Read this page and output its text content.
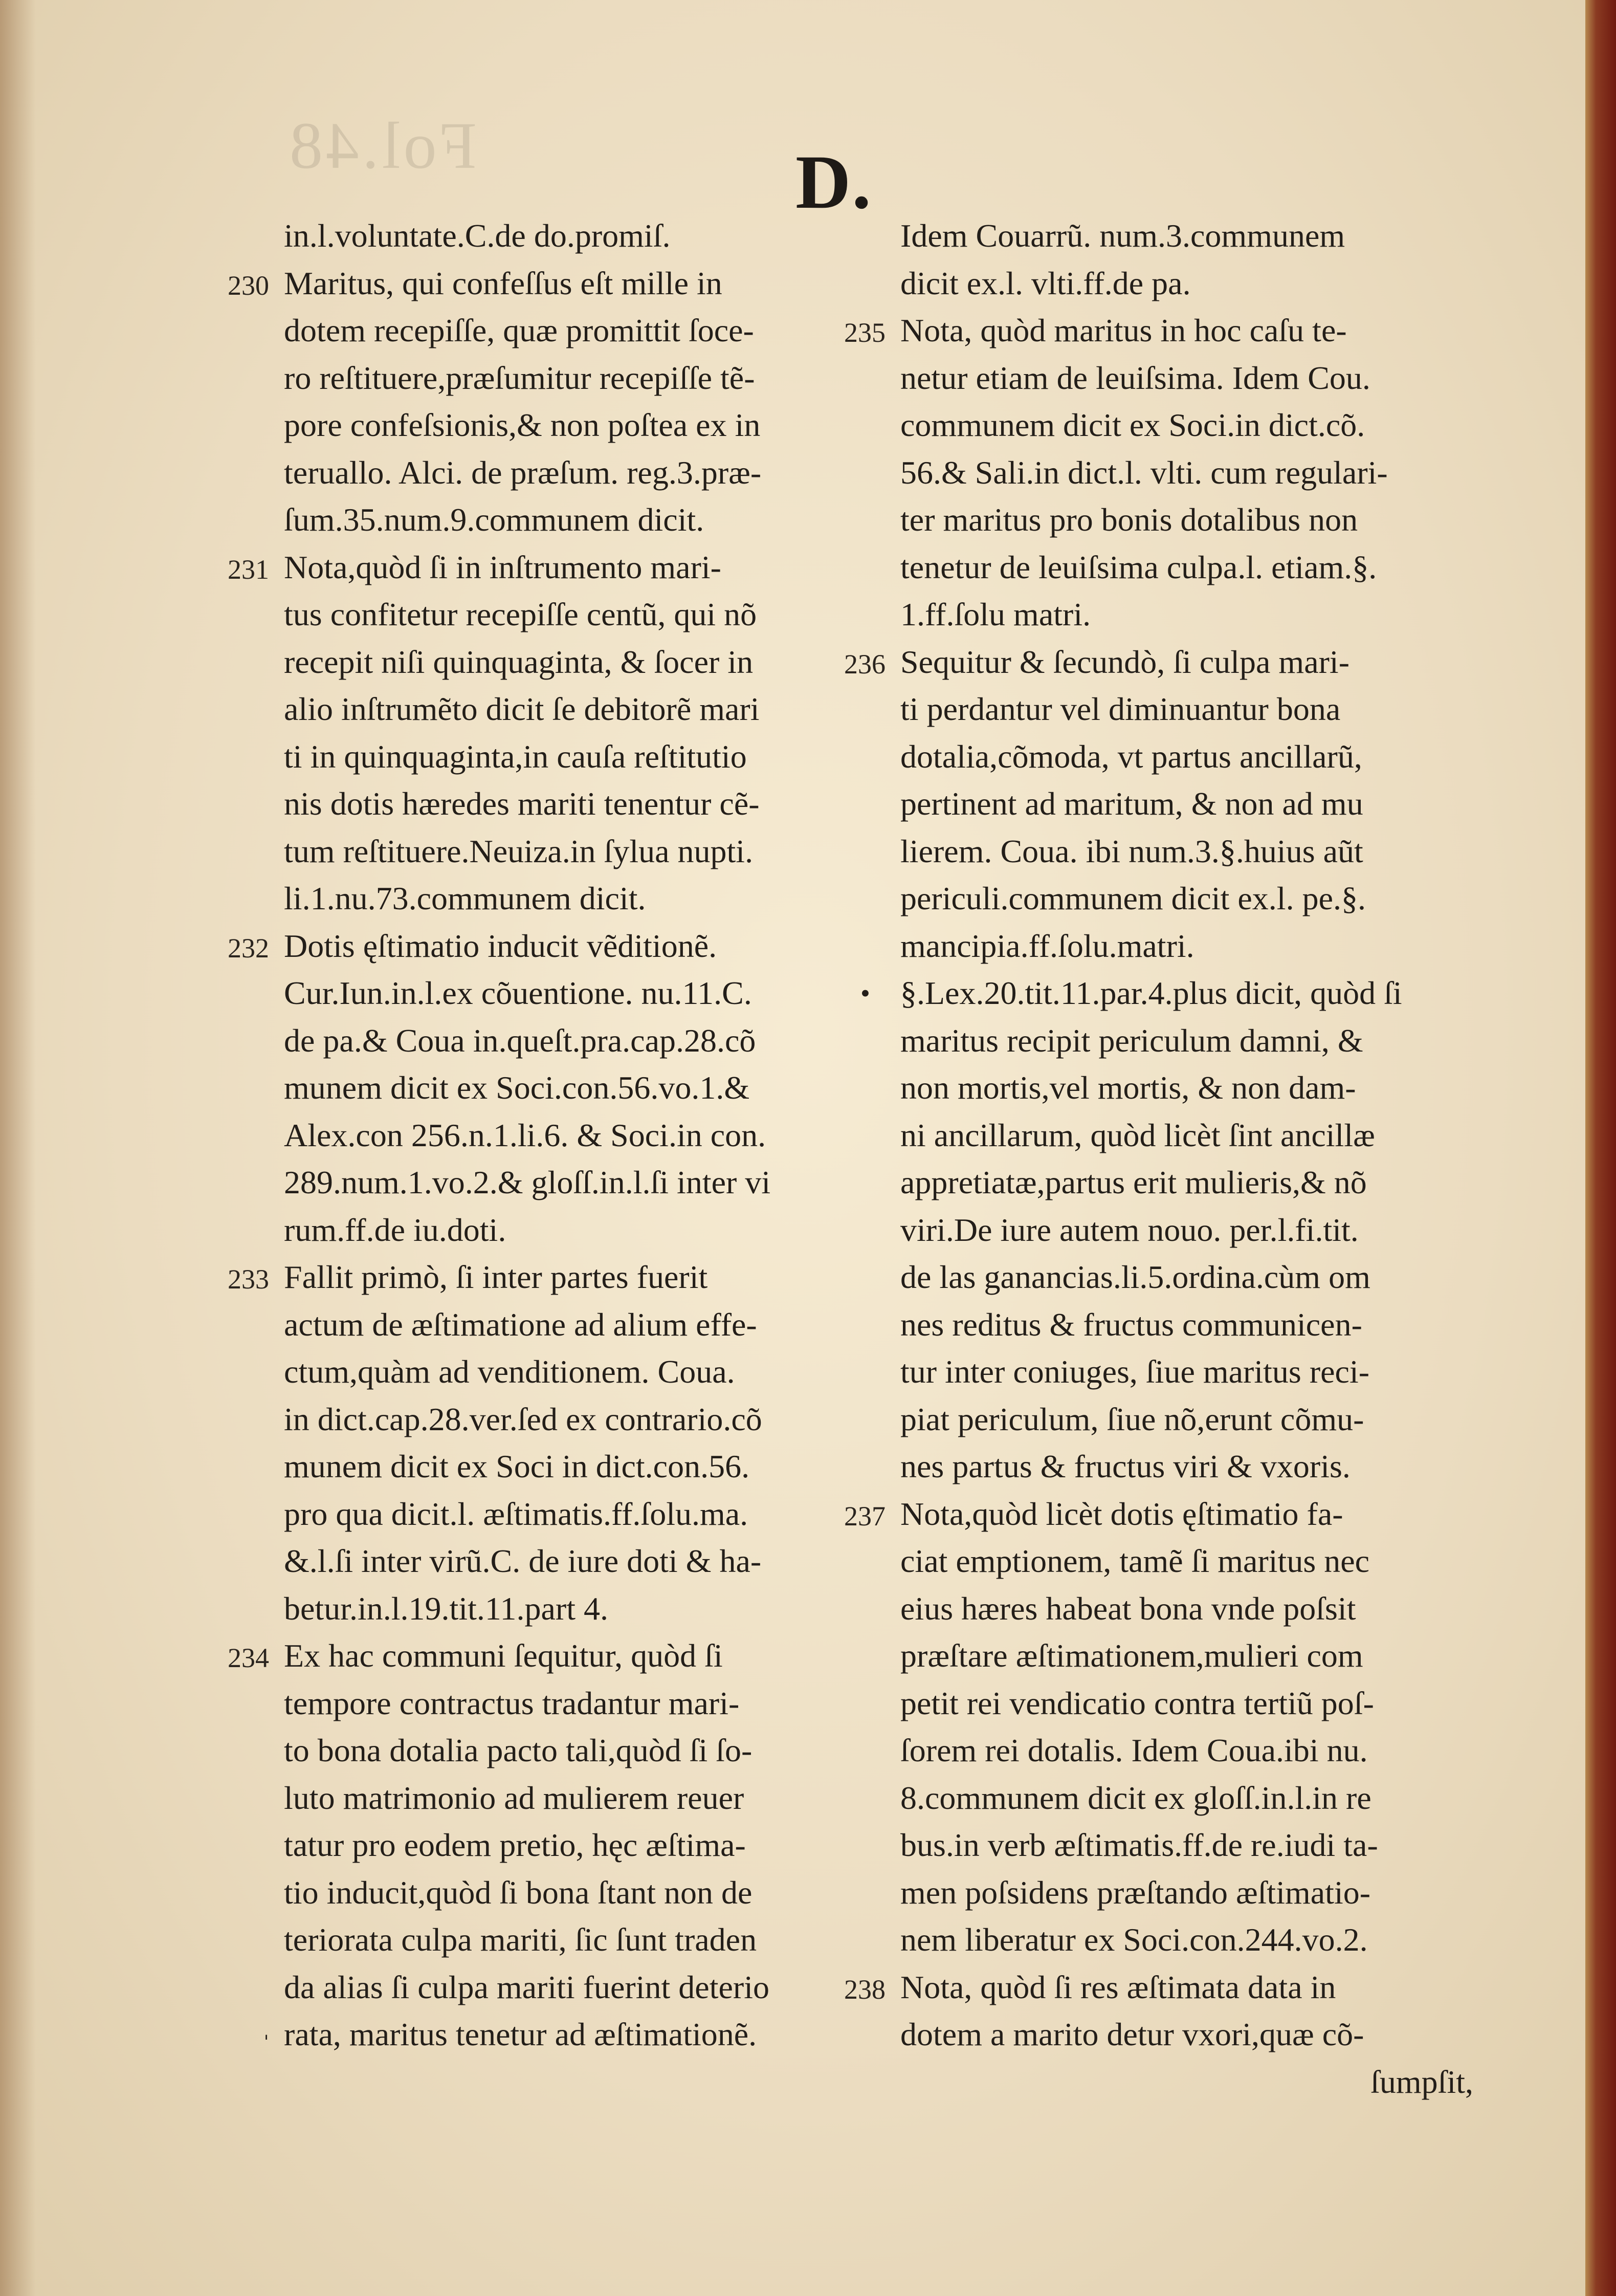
Fol.48	D.
in.l.voluntate.C.de do.promiſ.
230 Maritus, qui confeſſus eſt mille in
dotem recepiſſe, quæ promittit ſoce-
ro reſtituere,præſumitur recepiſſe tẽ-
pore confeſsionis,& non poſtea ex in
teruallo. Alci. de præſum. reg.3.præ-
ſum.35.num.9.communem dicit.
231 Nota,quòd ſi in inſtrumento mari-
tus confitetur recepiſſe centũ, qui nõ
recepit niſi quinquaginta, & ſocer in
alio inſtrumẽto dicit ſe debitorẽ mari
ti in quinquaginta,in cauſa reſtitutio
nis dotis hæredes mariti tenentur cẽ-
tum reſtituere.Neuiza.in ſylua nupti.
li.1.nu.73.communem dicit.
232 Dotis ęſtimatio inducit vẽditionẽ.
Cur.Iun.in.l.ex cõuentione. nu.11.C.
de pa.& Coua in.queſt.pra.cap.28.cõ
munem dicit ex Soci.con.56.vo.1.&
Alex.con 256.n.1.li.6. & Soci.in con.
289.num.1.vo.2.& gloſſ.in.l.ſi inter vi
rum.ff.de iu.doti.
233 Fallit primò, ſi inter partes fuerit
actum de æſtimatione ad alium effe-
ctum,quàm ad venditionem. Coua.
in dict.cap.28.ver.ſed ex contrario.cõ
munem dicit ex Soci in dict.con.56.
pro qua dicit.l. æſtimatis.ff.ſolu.ma.
&.l.ſi inter virũ.C. de iure doti & ha-
betur.in.l.19.tit.11.part 4.
234 Ex hac communi ſequitur, quòd ſi
tempore contractus tradantur mari-
to bona dotalia pacto tali,quòd ſi ſo-
luto matrimonio ad mulierem reuer
tatur pro eodem pretio, hęc æſtima-
tio inducit,quòd ſi bona ſtant non de
teriorata culpa mariti, ſic ſunt traden
da alias ſi culpa mariti fuerint deterio
rata, maritus tenetur ad æſtimationẽ.
Idem Couarrũ. num.3.communem
dicit ex.l. vlti.ff.de pa.
235 Nota, quòd maritus in hoc caſu te-
netur etiam de leuiſsima. Idem Cou.
communem dicit ex Soci.in dict.cõ.
56.& Sali.in dict.l. vlti. cum regulari-
ter maritus pro bonis dotalibus non
tenetur de leuiſsima culpa.l. etiam.§.
1.ff.ſolu matri.
236 Sequitur & ſecundò, ſi culpa mari-
ti perdantur vel diminuantur bona
dotalia,cõmoda, vt partus ancillarũ,
pertinent ad maritum, & non ad mu
lierem. Coua. ibi num.3.§.huius aũt
periculi.communem dicit ex.l. pe.§.
mancipia.ff.ſolu.matri.
• §.Lex.20.tit.11.par.4.plus dicit, quòd ſi
maritus recipit periculum damni, &
non mortis,vel mortis, & non dam-
ni ancillarum, quòd licèt ſint ancillæ
appretiatæ,partus erit mulieris,& nõ
viri.De iure autem nouo. per.l.fi.tit.
de las ganancias.li.5.ordina.cùm om
nes reditus & fructus communicen-
tur inter coniuges, ſiue maritus reci-
piat periculum, ſiue nõ,erunt cõmu-
nes partus & fructus viri & vxoris.
237 Nota,quòd licèt dotis ęſtimatio fa-
ciat emptionem, tamẽ ſi maritus nec
eius hæres habeat bona vnde poſsit
præſtare æſtimationem,mulieri com
petit rei vendicatio contra tertiũ poſ-
ſorem rei dotalis. Idem Coua.ibi nu.
8.communem dicit ex gloſſ.in.l.in re
bus.in verb æſtimatis.ff.de re.iudi ta-
men poſsidens præſtando æſtimatio-
nem liberatur ex Soci.con.244.vo.2.
238 Nota, quòd ſi res æſtimata data in
dotem a marito detur vxori,quæ cõ-
ſumpſit,
ˌ
